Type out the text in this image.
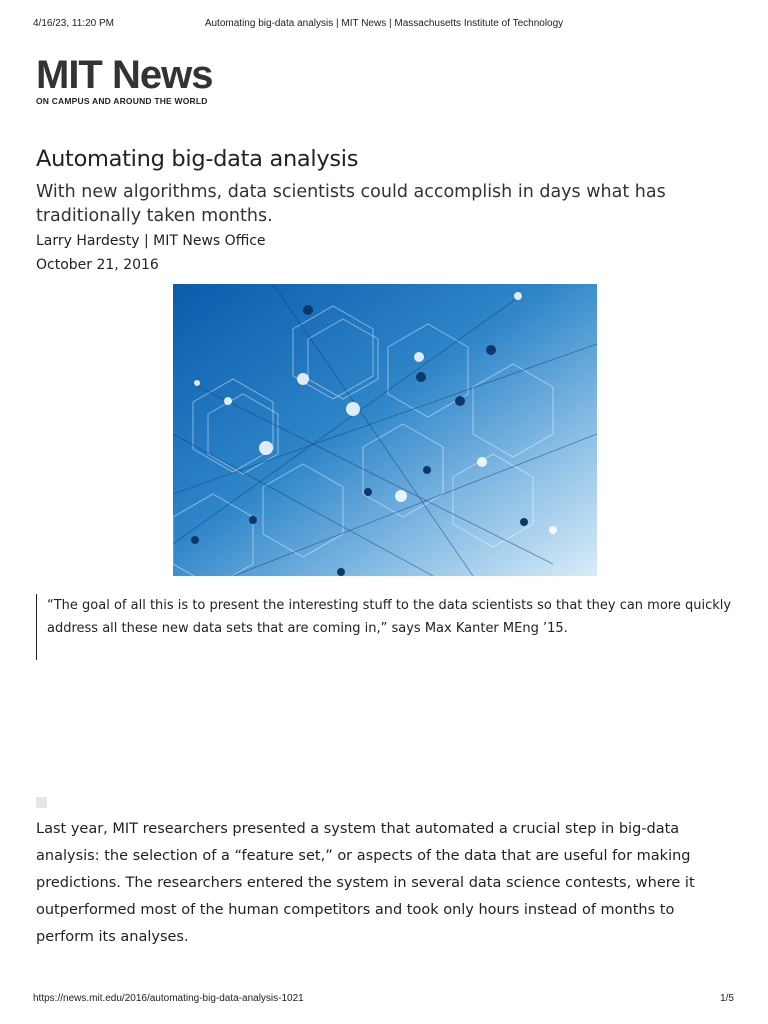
4/16/23, 11:20 PM	Automating big-data analysis | MIT News | Massachusetts Institute of Technology
MIT News
ON CAMPUS AND AROUND THE WORLD
Automating big-data analysis

With new algorithms, data scientists could accomplish in days what has traditionally taken months.

Larry Hardesty | MIT News Office
October 21, 2016

“The goal of all this is to present the interesting stuff to the data scientists so that they can more quickly address all these new data sets that are coming in,” says Max Kanter MEng ’15.

Last year, MIT researchers presented a system that automated a crucial step in big-data analysis: the selection of a “feature set,” or aspects of the data that are useful for making predictions. The researchers entered the system in several data science contests, where it outperformed most of the human competitors and took only hours instead of months to perform its analyses.

https://news.mit.edu/2016/automating-big-data-analysis-1021	1/5
